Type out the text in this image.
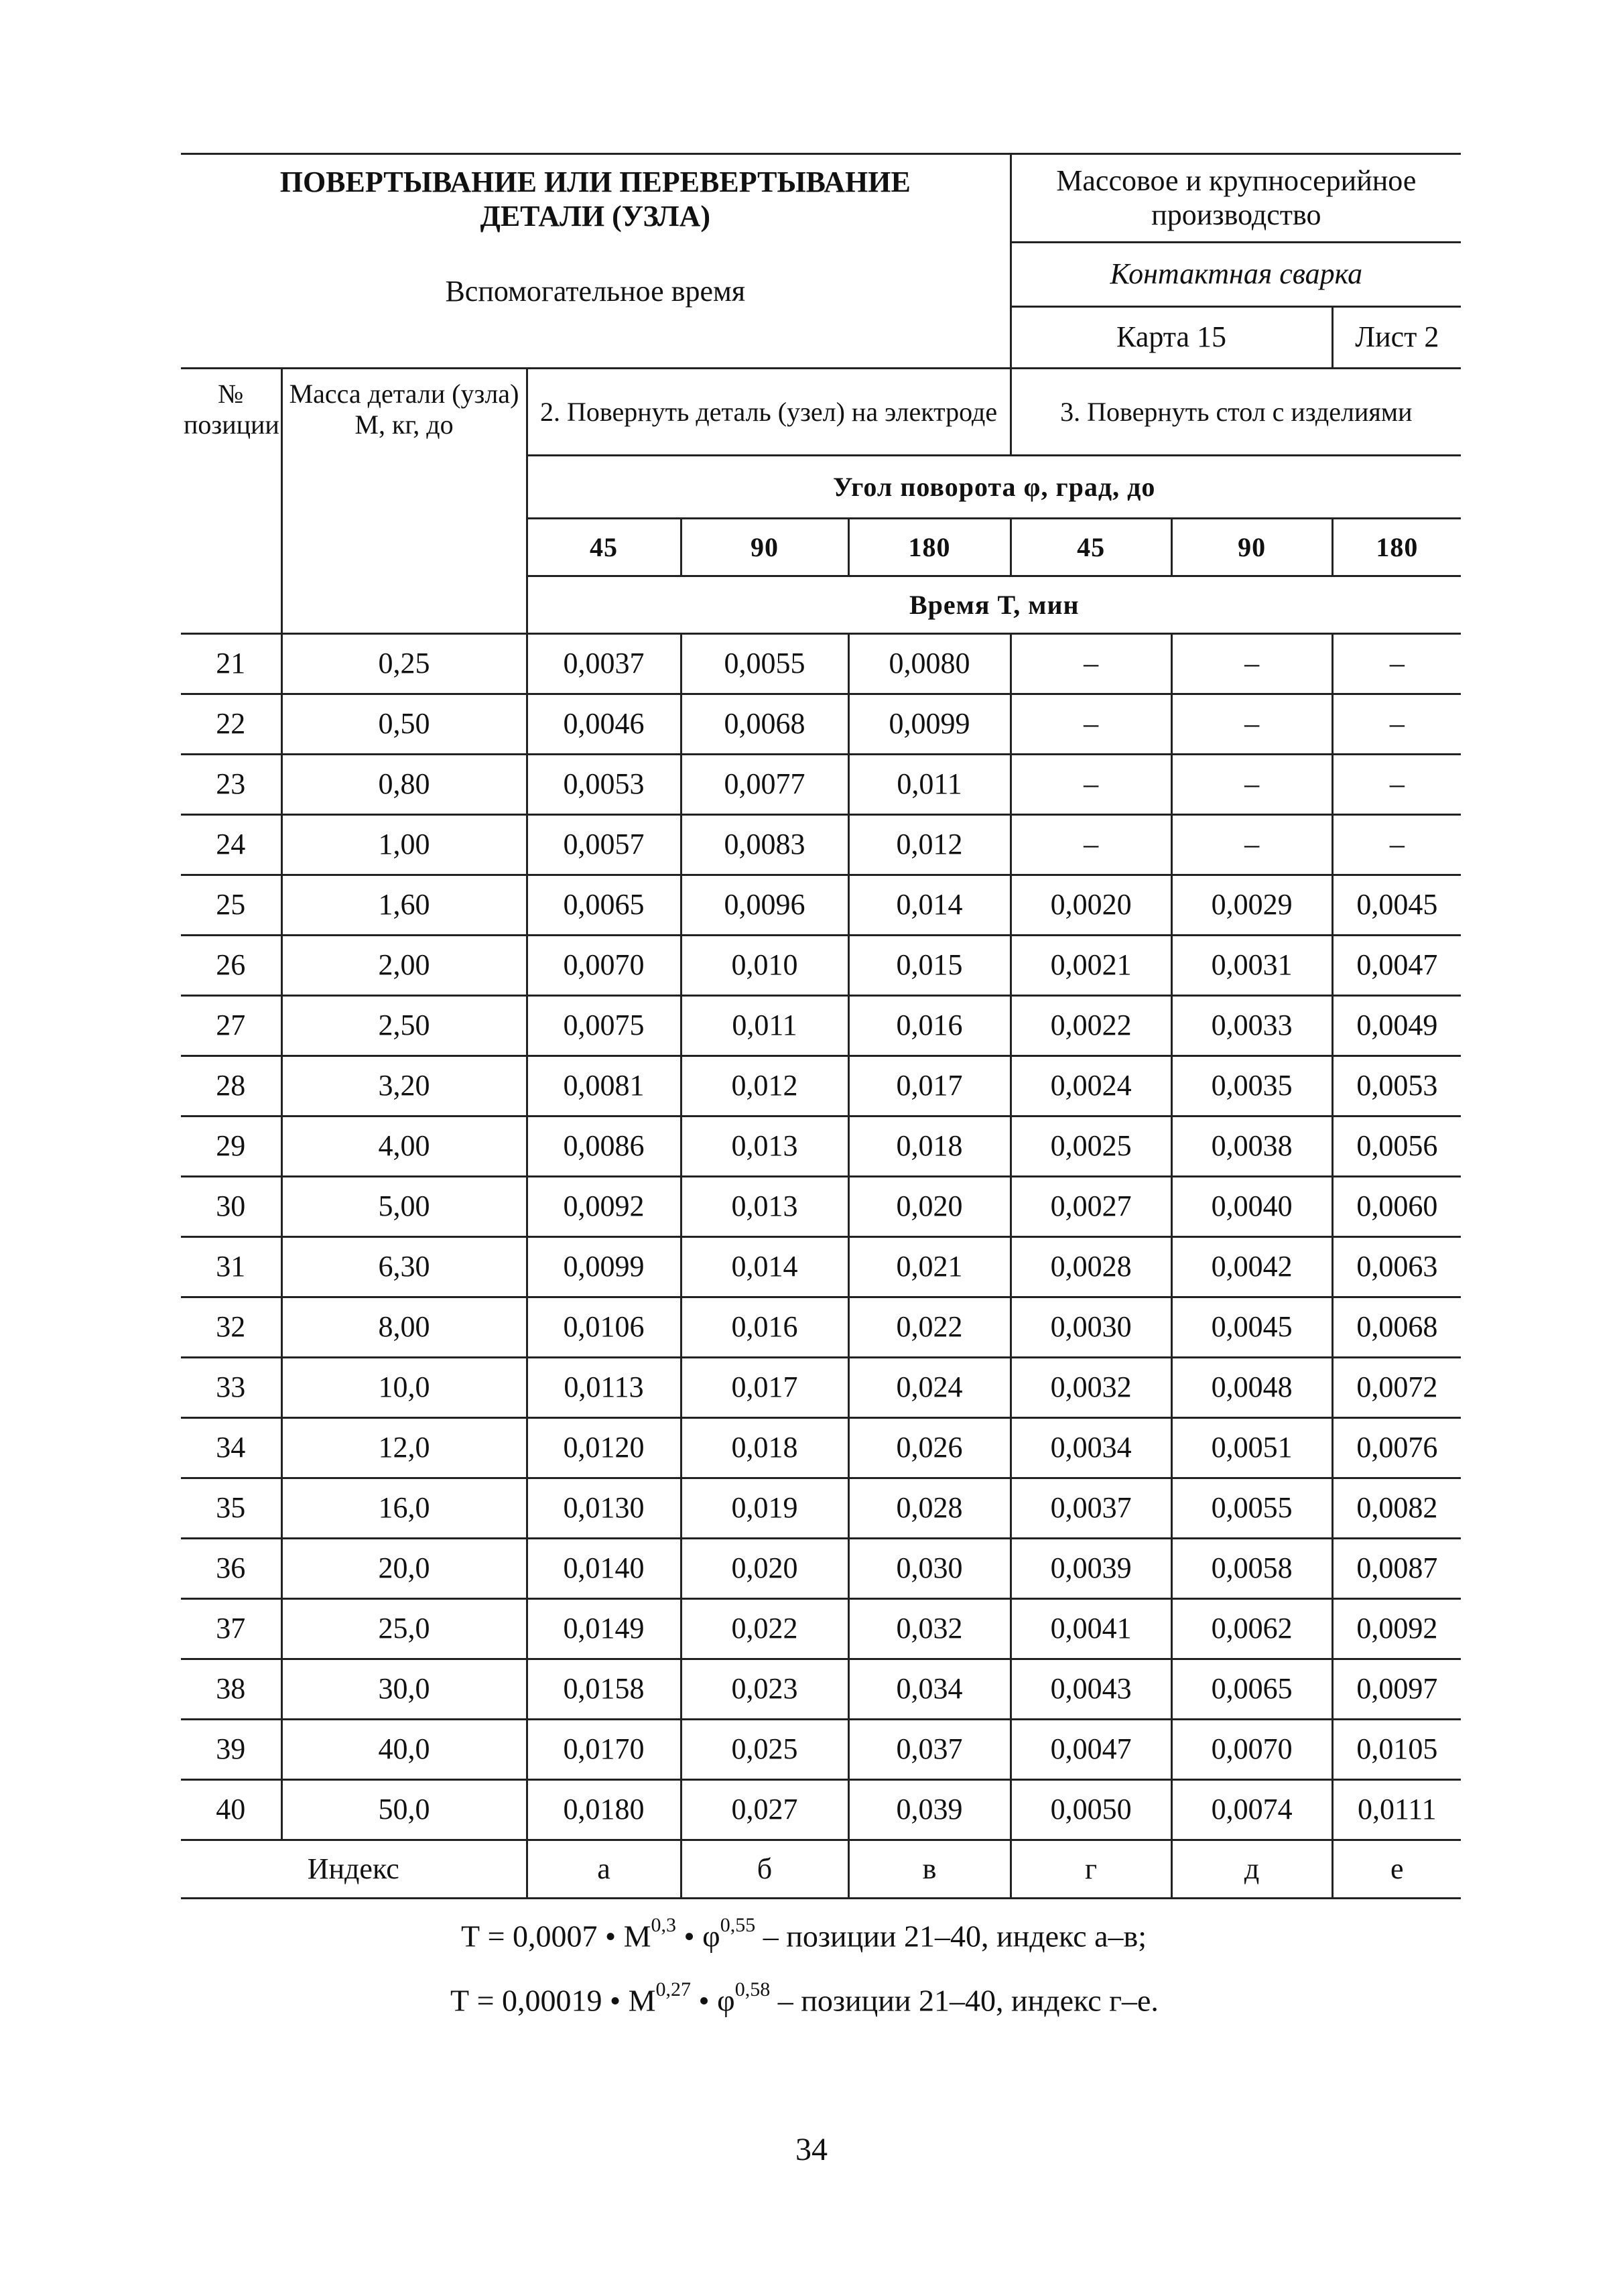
ПОВЕРТЫВАНИЕ ИЛИ ПЕРЕВЕРТЫВАНИЕ
ДЕТАЛИ (УЗЛА)
Вспомогательное время					Массовое и крупносерийное производство		
					Контактная сварка		
					Карта 15		Лист 2
№ позиции	Масса детали (узла) М, кг, до	2. Повернуть деталь (узел) на электроде			3. Повернуть стол с изделиями		
		Угол поворота φ, град, до					
		45	90	180	45	90	180
		Время Т, мин					
21	0,25	0,0037	0,0055	0,0080	–	–	–
22	0,50	0,0046	0,0068	0,0099	–	–	–
23	0,80	0,0053	0,0077	0,011	–	–	–
24	1,00	0,0057	0,0083	0,012	–	–	–
25	1,60	0,0065	0,0096	0,014	0,0020	0,0029	0,0045
26	2,00	0,0070	0,010	0,015	0,0021	0,0031	0,0047
27	2,50	0,0075	0,011	0,016	0,0022	0,0033	0,0049
28	3,20	0,0081	0,012	0,017	0,0024	0,0035	0,0053
29	4,00	0,0086	0,013	0,018	0,0025	0,0038	0,0056
30	5,00	0,0092	0,013	0,020	0,0027	0,0040	0,0060
31	6,30	0,0099	0,014	0,021	0,0028	0,0042	0,0063
32	8,00	0,0106	0,016	0,022	0,0030	0,0045	0,0068
33	10,0	0,0113	0,017	0,024	0,0032	0,0048	0,0072
34	12,0	0,0120	0,018	0,026	0,0034	0,0051	0,0076
35	16,0	0,0130	0,019	0,028	0,0037	0,0055	0,0082
36	20,0	0,0140	0,020	0,030	0,0039	0,0058	0,0087
37	25,0	0,0149	0,022	0,032	0,0041	0,0062	0,0092
38	30,0	0,0158	0,023	0,034	0,0043	0,0065	0,0097
39	40,0	0,0170	0,025	0,037	0,0047	0,0070	0,0105
40	50,0	0,0180	0,027	0,039	0,0050	0,0074	0,0111
Индекс		а	б	в	г	д	е
Т = 0,0007 • М$^{0,3}$ • $\varphi^{0,55}$ – позиции 21–40, индекс а–в;
Т = 0,00019 • М$^{0,27}$ • $\varphi^{0,58}$ – позиции 21–40, индекс г–е.
34
